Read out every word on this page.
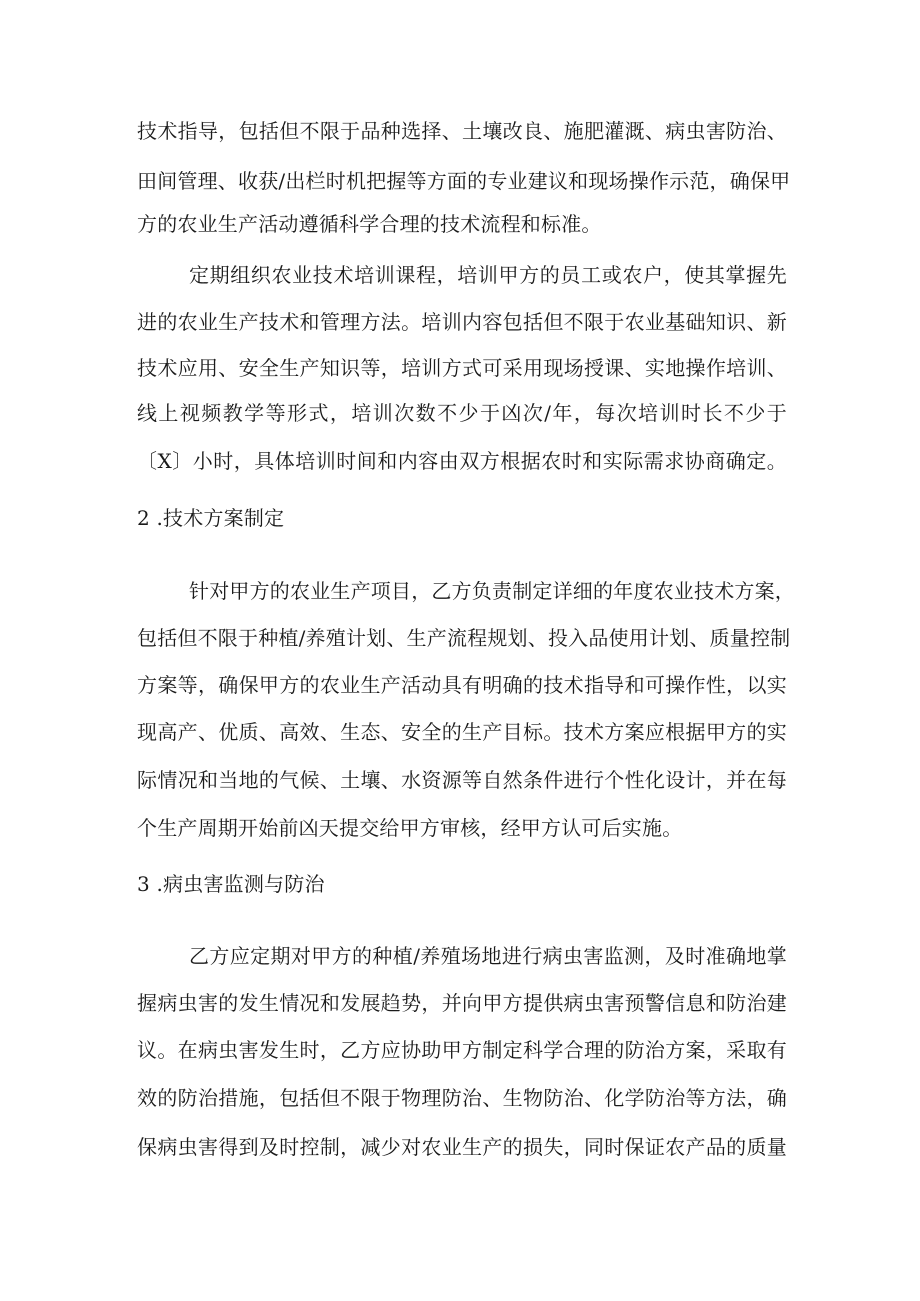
技术指导，包括但不限于品种选择、土壤改良、施肥灌溉、病虫害防治、
田间管理、收获/出栏时机把握等方面的专业建议和现场操作示范，确保甲
方的农业生产活动遵循科学合理的技术流程和标准。
定期组织农业技术培训课程，培训甲方的员工或农户，使其掌握先
进的农业生产技术和管理方法。培训内容包括但不限于农业基础知识、新
技术应用、安全生产知识等，培训方式可采用现场授课、实地操作培训、
线上视频教学等形式，培训次数不少于凶次/年，每次培训时长不少于
〔X〕小时，具体培训时间和内容由双方根据农时和实际需求协商确定。
2 .技术方案制定
针对甲方的农业生产项目，乙方负责制定详细的年度农业技术方案，
包括但不限于种植/养殖计划、生产流程规划、投入品使用计划、质量控制
方案等，确保甲方的农业生产活动具有明确的技术指导和可操作性，以实
现高产、优质、高效、生态、安全的生产目标。技术方案应根据甲方的实
际情况和当地的气候、土壤、水资源等自然条件进行个性化设计，并在每
个生产周期开始前凶天提交给甲方审核，经甲方认可后实施。
3 .病虫害监测与防治
乙方应定期对甲方的种植/养殖场地进行病虫害监测，及时准确地掌
握病虫害的发生情况和发展趋势，并向甲方提供病虫害预警信息和防治建
议。在病虫害发生时，乙方应协助甲方制定科学合理的防治方案，采取有
效的防治措施，包括但不限于物理防治、生物防治、化学防治等方法，确
保病虫害得到及时控制，减少对农业生产的损失，同时保证农产品的质量
